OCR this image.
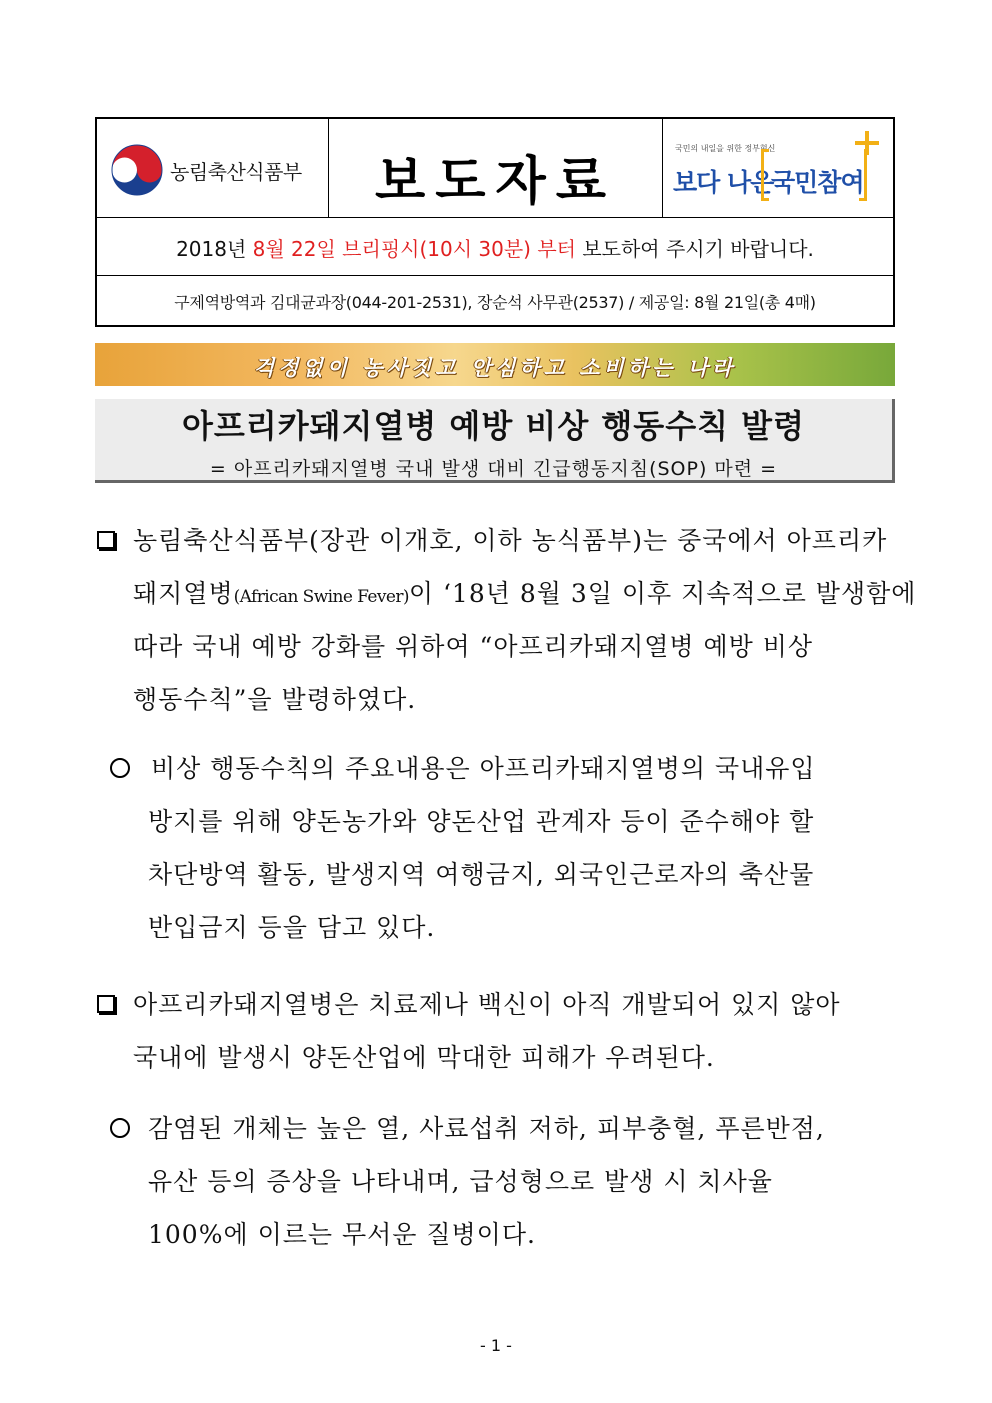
농림축산식품부	보도자료
국민의 내일을 위한 정부혁신
보다 나은
국민참여
2018년 8월 22일 브리핑시(10시 30분) 부터 보도하여 주시기 바랍니다.
구제역방역과 김대균과장(044-201-2531), 장순석 사무관(2537) / 제공일: 8월 21일(총 4매)
걱정없이 농사짓고 안심하고 소비하는 나라
아프리카돼지열병 예방 비상 행동수칙 발령
= 아프리카돼지열병 국내 발생 대비 긴급행동지침(SOP) 마련 =
농림축산식품부(장관 이개호, 이하 농식품부)는 중국에서 아프리카
돼지열병(African Swine Fever)이 ‘18년 8월 3일 이후 지속적으로 발생함에
따라 국내 예방 강화를 위하여 “아프리카돼지열병 예방 비상
행동수칙”을 발령하였다.
비상 행동수칙의 주요내용은 아프리카돼지열병의 국내유입
방지를 위해 양돈농가와 양돈산업 관계자 등이 준수해야 할
차단방역 활동, 발생지역 여행금지, 외국인근로자의 축산물
반입금지 등을 담고 있다.
아프리카돼지열병은 치료제나 백신이 아직 개발되어 있지 않아
국내에 발생시 양돈산업에 막대한 피해가 우려된다.
감염된 개체는 높은 열, 사료섭취 저하, 피부충혈, 푸른반점,
유산 등의 증상을 나타내며, 급성형으로 발생 시 치사율
100%에 이르는 무서운 질병이다.
- 1 -
